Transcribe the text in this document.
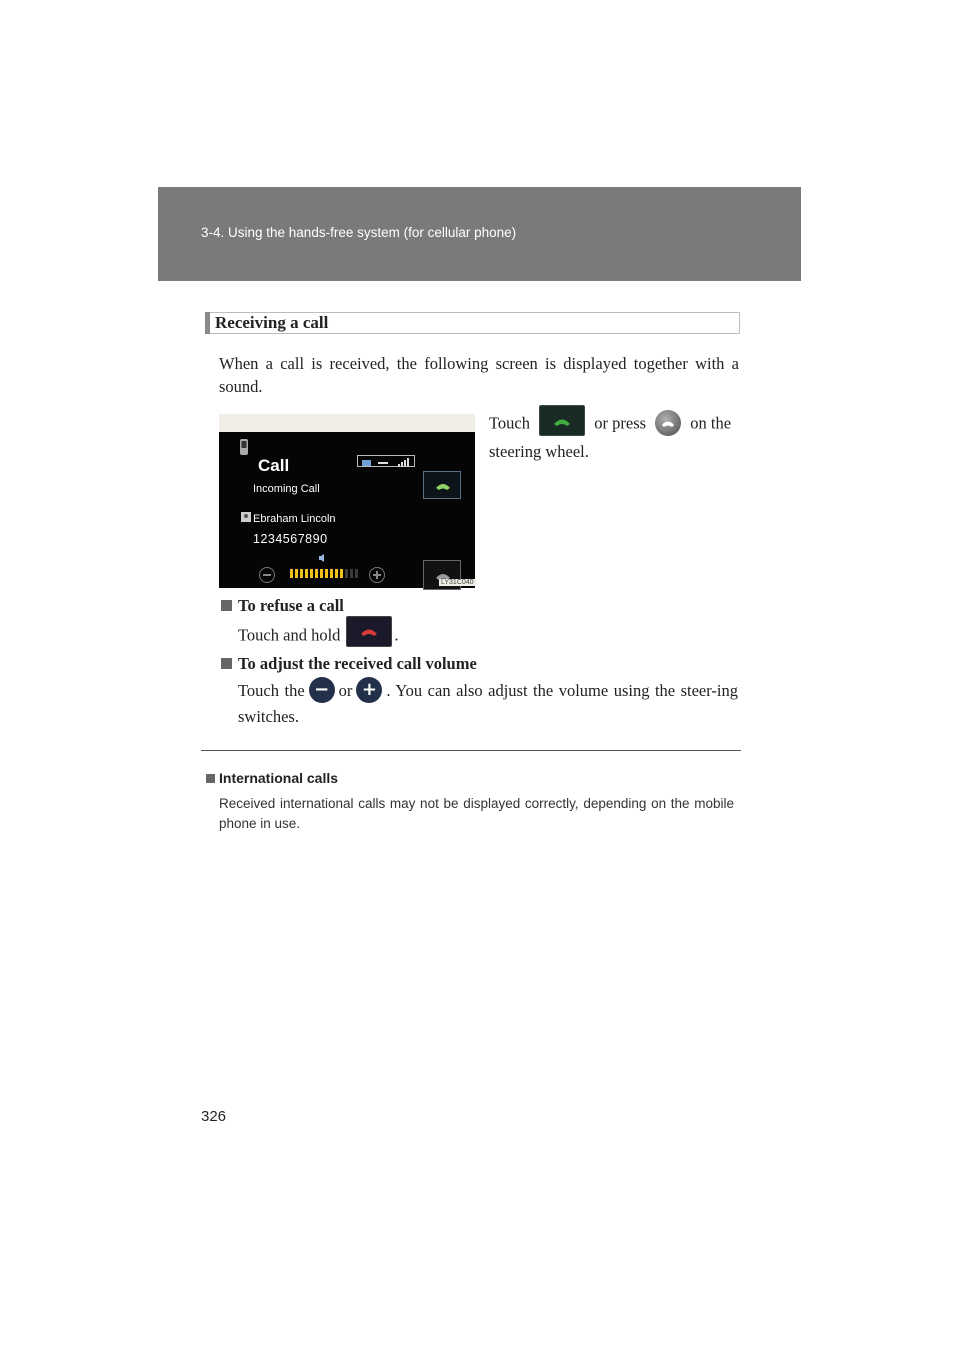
3-4. Using the hands-free system (for cellular phone)
Receiving a call
When a call is received, the following screen is displayed together with a sound.
Touch	or press	on the steering wheel.
Call
Incoming Call
Ebraham Lincoln
1234567890
LY31C040
To refuse a call
Touch and hold	.
To adjust the received call volume
Touch the − or + . You can also adjust the volume using the steer-ing switches.
International calls
Received international calls may not be displayed correctly, depending on the mobile phone in use.
326
